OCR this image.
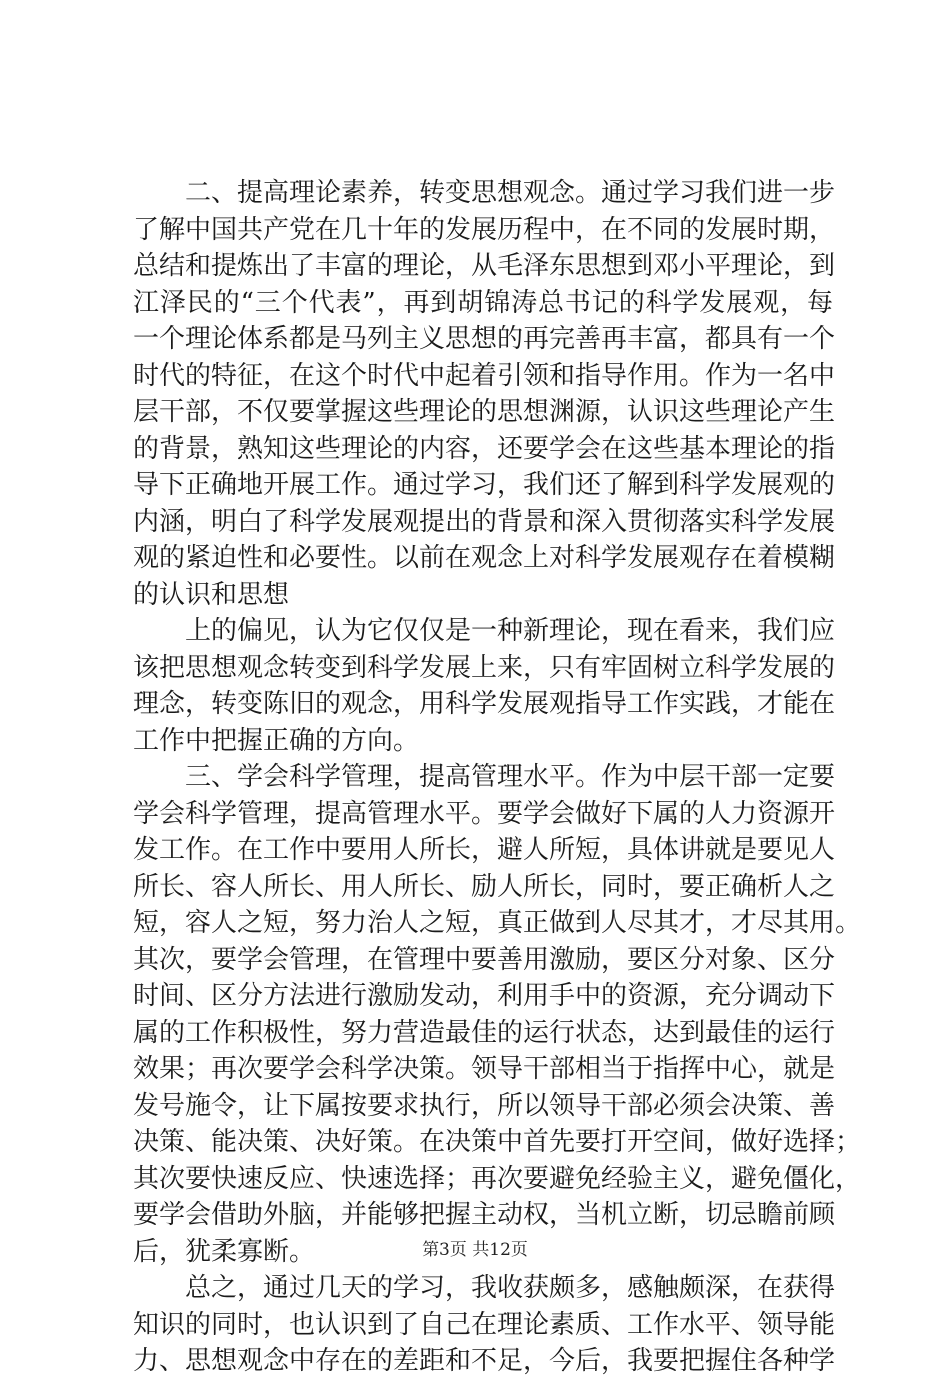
二、提高理论素养，转变思想观念。通过学习我们进一步
了解中国共产党在几十年的发展历程中，在不同的发展时期，
总结和提炼出了丰富的理论，从毛泽东思想到邓小平理论，到
江泽民的“三个代表”，再到胡锦涛总书记的科学发展观，每
一个理论体系都是马列主义思想的再完善再丰富，都具有一个
时代的特征，在这个时代中起着引领和指导作用。作为一名中
层干部，不仅要掌握这些理论的思想渊源，认识这些理论产生
的背景，熟知这些理论的内容，还要学会在这些基本理论的指
导下正确地开展工作。通过学习，我们还了解到科学发展观的
内涵，明白了科学发展观提出的背景和深入贯彻落实科学发展
观的紧迫性和必要性。以前在观念上对科学发展观存在着模糊
的认识和思想
上的偏见，认为它仅仅是一种新理论，现在看来，我们应
该把思想观念转变到科学发展上来，只有牢固树立科学发展的
理念，转变陈旧的观念，用科学发展观指导工作实践，才能在
工作中把握正确的方向。
三、学会科学管理，提高管理水平。作为中层干部一定要
学会科学管理，提高管理水平。要学会做好下属的人力资源开
发工作。在工作中要用人所长，避人所短，具体讲就是要见人
所长、容人所长、用人所长、励人所长，同时，要正确析人之
短，容人之短，努力治人之短，真正做到人尽其才，才尽其用。
其次，要学会管理，在管理中要善用激励，要区分对象、区分
时间、区分方法进行激励发动，利用手中的资源，充分调动下
属的工作积极性，努力营造最佳的运行状态，达到最佳的运行
效果；再次要学会科学决策。领导干部相当于指挥中心，就是
发号施令，让下属按要求执行，所以领导干部必须会决策、善
决策、能决策、决好策。在决策中首先要打开空间，做好选择；
其次要快速反应、快速选择；再次要避免经验主义，避免僵化，
要学会借助外脑，并能够把握主动权，当机立断，切忌瞻前顾
后，犹柔寡断。
总之，通过几天的学习，我收获颇多，感触颇深，在获得
知识的同时，也认识到了自己在理论素质、工作水平、领导能
力、思想观念中存在的差距和不足，今后，我要把握住各种学
第3页 共12页
